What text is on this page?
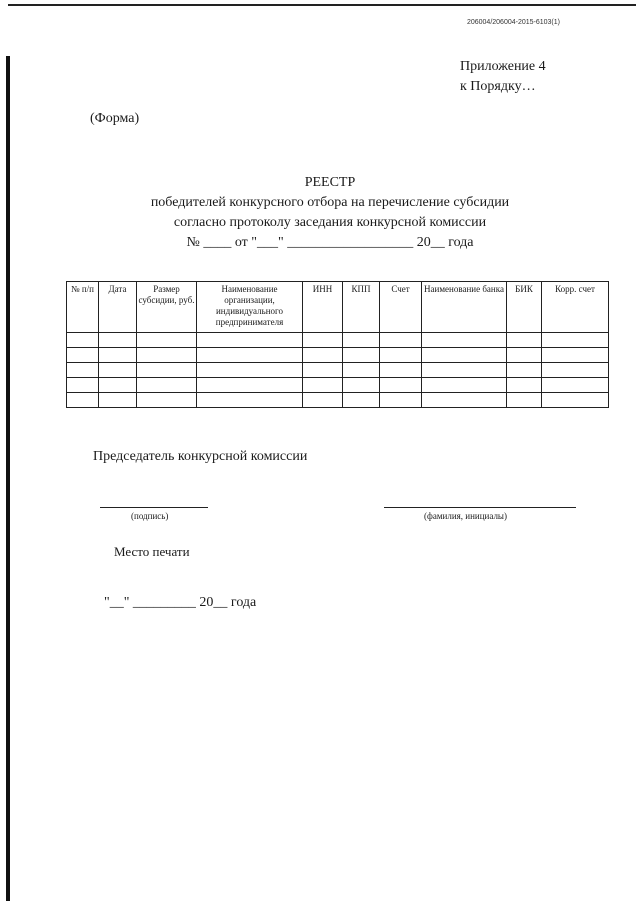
206004/206004-2015-6103(1)
Приложение 4
к Порядку…
(Форма)
РЕЕСТР
победителей конкурсного отбора на перечисление субсидии
согласно протоколу заседания конкурсной комиссии
№ ____ от "___" __________________ 20__ года
№ п/п	Дата	Размер субсидии, руб.	Наименование организации, индивидуального предпринимателя	ИНН	КПП	Счет	Наименование банка	БИК	Корр. счет

Председатель конкурсной комиссии
(подпись)	(фамилия, инициалы)
Место печати
"__" _________ 20__ года
